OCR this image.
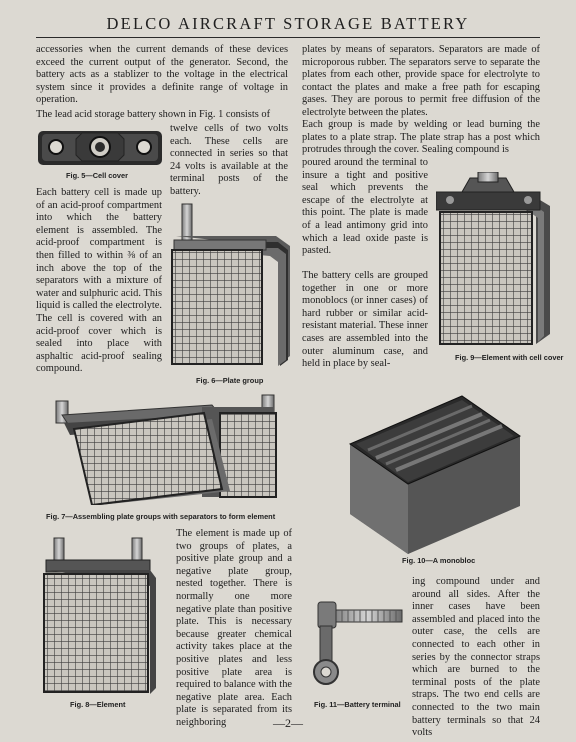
DELCO AIRCRAFT STORAGE BATTERY

accessories when the current demands of these devices exceed the current output of the generator. Second, the battery acts as a stablizer to the voltage in the electrical system since it provides a definite range of voltage in operation.

The lead acid storage battery shown in Fig. 1 consists of

Fig. 5—Cell cover

twelve cells of two volts each. These cells are connected in series so that 24 volts is available at the terminal posts of the battery.

Each battery cell is made up of an acid-proof compartment into which the battery element is assembled. The acid-proof compartment is then filled to within ⅜ of an inch above the top of the separators with a mixture of water and sulphuric acid. This liquid is called the electrolyte. The cell is covered with an acid-proof cover which is sealed into place with asphaltic acid-proof sealing compound.

Fig. 6—Plate group

plates by means of separators. Separators are made of microporous rubber. The separators serve to separate the plates from each other, provide space for electrolyte to contact the plates and make a free path for escaping gases. They are porous to permit free diffusion of the electrolyte between the plates.

Each group is made by welding or lead burning the plates to a plate strap. The plate strap has a post which protrudes through the cover. Sealing compound is

poured around the terminal to insure a tight and positive seal which prevents the escape of the electrolyte at this point. The plate is made of a lead antimony grid into which a lead oxide paste is pasted.

The battery cells are grouped together in one or more monoblocs (or inner cases) of hard rubber or similar acid-resistant material. These inner cases are assembled into the outer aluminum case, and held in place by seal-

Fig. 9—Element with cell cover
Fig. 7—Assembling plate groups with separators to form element
Fig. 10—A monobloc
Fig. 8—Element

The element is made up of two groups of plates, a positive plate group and a negative plate group, nested together. There is normally one more negative plate than positive plate. This is necessary because greater chemical activity takes place at the positive plates and less positive plate area is required to balance with the negative plate area. Each plate is separated from its neighboring

Fig. 11—Battery terminal

ing compound under and around all sides. After the inner cases have been assembled and placed into the outer case, the cells are connected to each other in series by the connector straps which are burned to the terminal posts of the plate straps. The two end cells are connected to the two main battery terminals so that 24 volts

—2—
